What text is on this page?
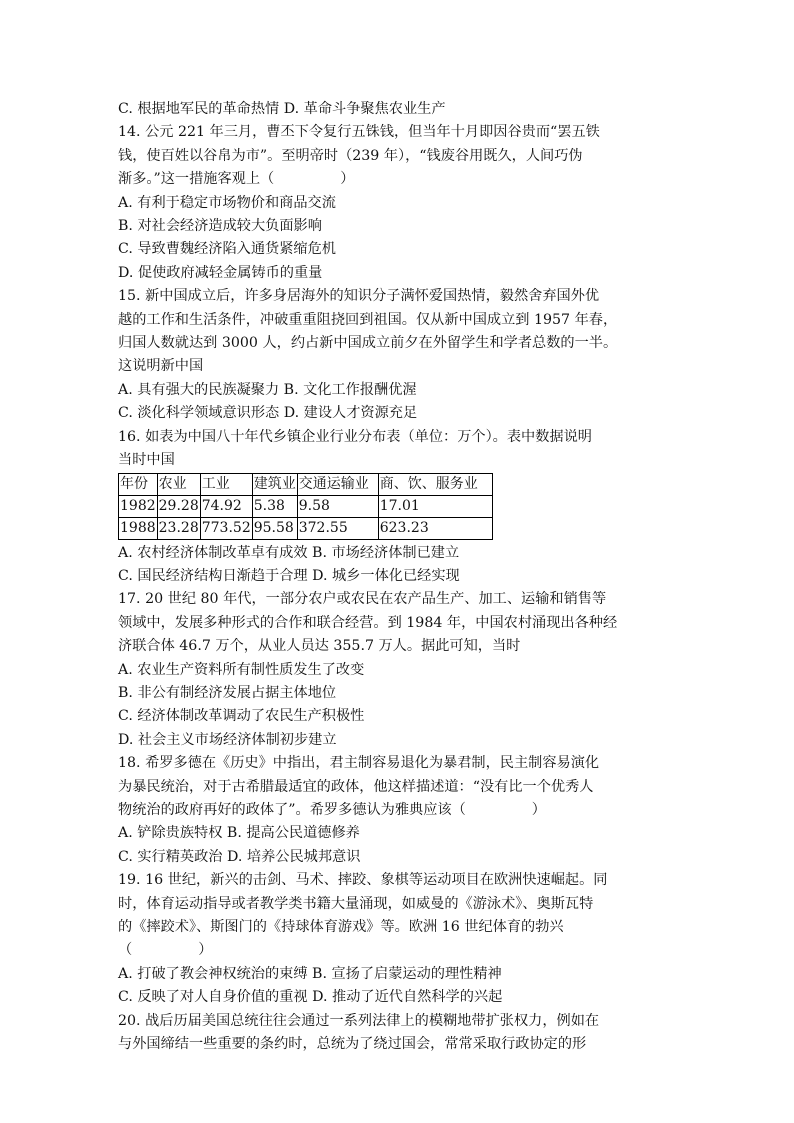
C. 根据地军民的革命热情 D. 革命斗争聚焦农业生产
14. 公元 221 年三月，曹丕下令复行五铢钱，但当年十月即因谷贵而“罢五铁
钱，使百姓以谷帛为市”。至明帝时（239 年），“钱废谷用既久，人间巧伪
渐多。”这一措施客观上（	）
A. 有利于稳定市场物价和商品交流
B. 对社会经济造成较大负面影响
C. 导致曹魏经济陷入通货紧缩危机
D. 促使政府减轻金属铸币的重量
15. 新中国成立后，许多身居海外的知识分子满怀爱国热情，毅然舍弃国外优
越的工作和生活条件，冲破重重阻挠回到祖国。仅从新中国成立到 1957 年春，
归国人数就达到 3000 人，约占新中国成立前夕在外留学生和学者总数的一半。
这说明新中国
A. 具有强大的民族凝聚力 B. 文化工作报酬优渥
C. 淡化科学领域意识形态 D. 建设人才资源充足
16. 如表为中国八十年代乡镇企业行业分布表（单位：万个）。表中数据说明
当时中国
年份	农业	工业	建筑业	交通运输业	商、饮、服务业
1982	29.28	74.92	5.38	9.58	17.01
1988	23.28	773.52	95.58	372.55	623.23
A. 农村经济体制改革卓有成效 B. 市场经济体制已建立
C. 国民经济结构日渐趋于合理 D. 城乡一体化已经实现
17. 20 世纪 80 年代，一部分农户或农民在农产品生产、加工、运输和销售等
领域中，发展多种形式的合作和联合经营。到 1984 年，中国农村涌现出各种经
济联合体 46.7 万个，从业人员达 355.7 万人。据此可知，当时
A. 农业生产资料所有制性质发生了改变
B. 非公有制经济发展占据主体地位
C. 经济体制改革调动了农民生产积极性
D. 社会主义市场经济体制初步建立
18. 希罗多德在《历史》中指出，君主制容易退化为暴君制，民主制容易演化
为暴民统治，对于古希腊最适宜的政体，他这样描述道：“没有比一个优秀人
物统治的政府再好的政体了”。希罗多德认为雅典应该（	）
A. 铲除贵族特权 B. 提高公民道德修养
C. 实行精英政治 D. 培养公民城邦意识
19. 16 世纪，新兴的击剑、马术、摔跤、象棋等运动项目在欧洲快速崛起。同
时，体育运动指导或者教学类书籍大量涌现，如威曼的《游泳术》、奥斯瓦特
的《摔跤术》、斯图门的《持球体育游戏》等。欧洲 16 世纪体育的勃兴
（	）
A. 打破了教会神权统治的束缚 B. 宣扬了启蒙运动的理性精神
C. 反映了对人自身价值的重视 D. 推动了近代自然科学的兴起
20. 战后历届美国总统往往会通过一系列法律上的模糊地带扩张权力，例如在
与外国缔结一些重要的条约时，总统为了绕过国会，常常采取行政协定的形
